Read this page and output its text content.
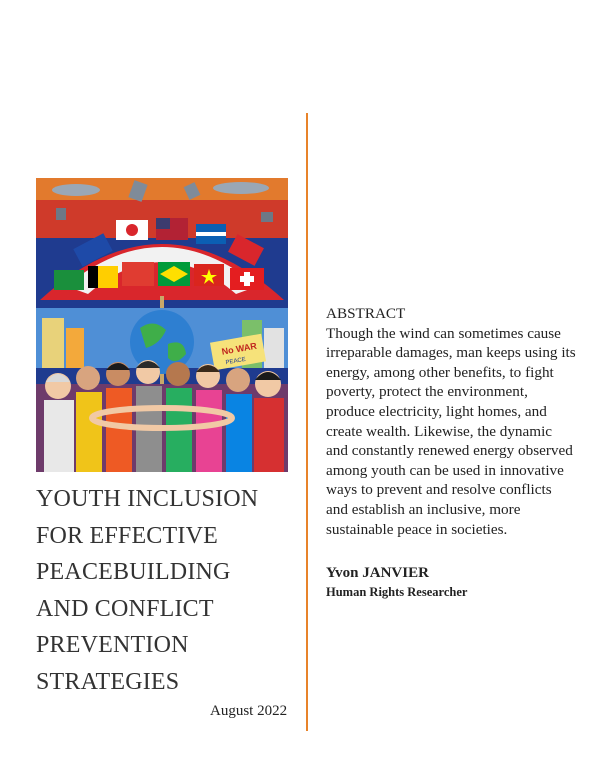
No WAR
PEACE
YOUTH INCLUSION
FOR EFFECTIVE
PEACEBUILDING
AND CONFLICT
PREVENTION
STRATEGIES
August 2022
ABSTRACT
Though the wind can sometimes cause irreparable damages, man keeps using its energy, among other benefits, to fight poverty, protect the environment, produce electricity, light homes, and create wealth. Likewise, the dynamic and constantly renewed energy observed among youth can be used in innovative ways to prevent and resolve conflicts and establish an inclusive, more sustainable peace in societies.
Yvon JANVIER
Human Rights Researcher
